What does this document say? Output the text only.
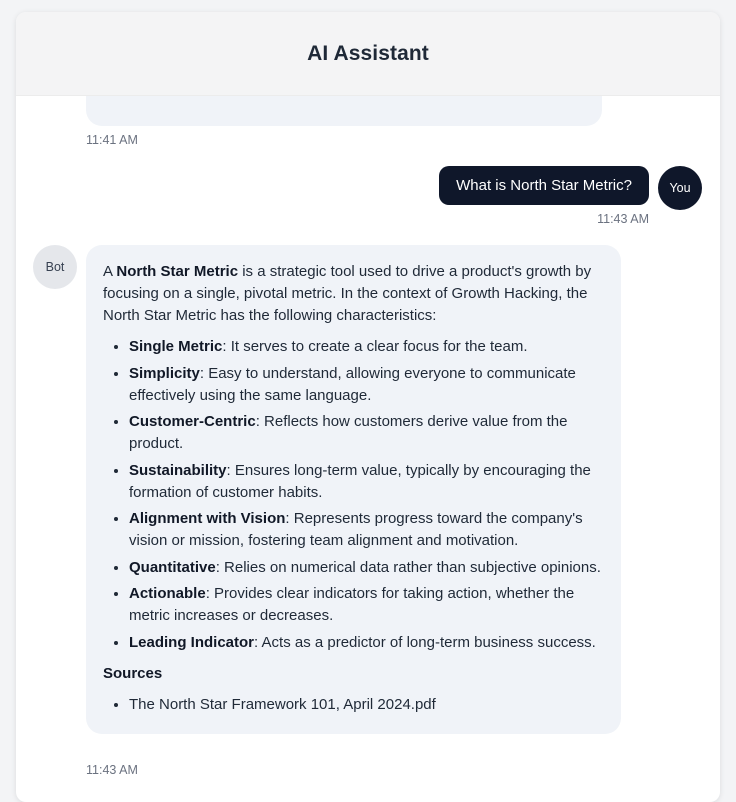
AI Assistant
11:41 AM
What is North Star Metric?	You
11:43 AM
Bot	A North Star Metric is a strategic tool used to drive a product's growth by focusing on a single, pivotal metric. In the context of Growth Hacking, the North Star Metric has the following characteristics:

• Single Metric: It serves to create a clear focus for the team.
• Simplicity: Easy to understand, allowing everyone to communicate effectively using the same language.
• Customer-Centric: Reflects how customers derive value from the product.
• Sustainability: Ensures long-term value, typically by encouraging the formation of customer habits.
• Alignment with Vision: Represents progress toward the company's vision or mission, fostering team alignment and motivation.
• Quantitative: Relies on numerical data rather than subjective opinions.
• Actionable: Provides clear indicators for taking action, whether the metric increases or decreases.
• Leading Indicator: Acts as a predictor of long-term business success.
Sources
• The North Star Framework 101, April 2024.pdf
11:43 AM
